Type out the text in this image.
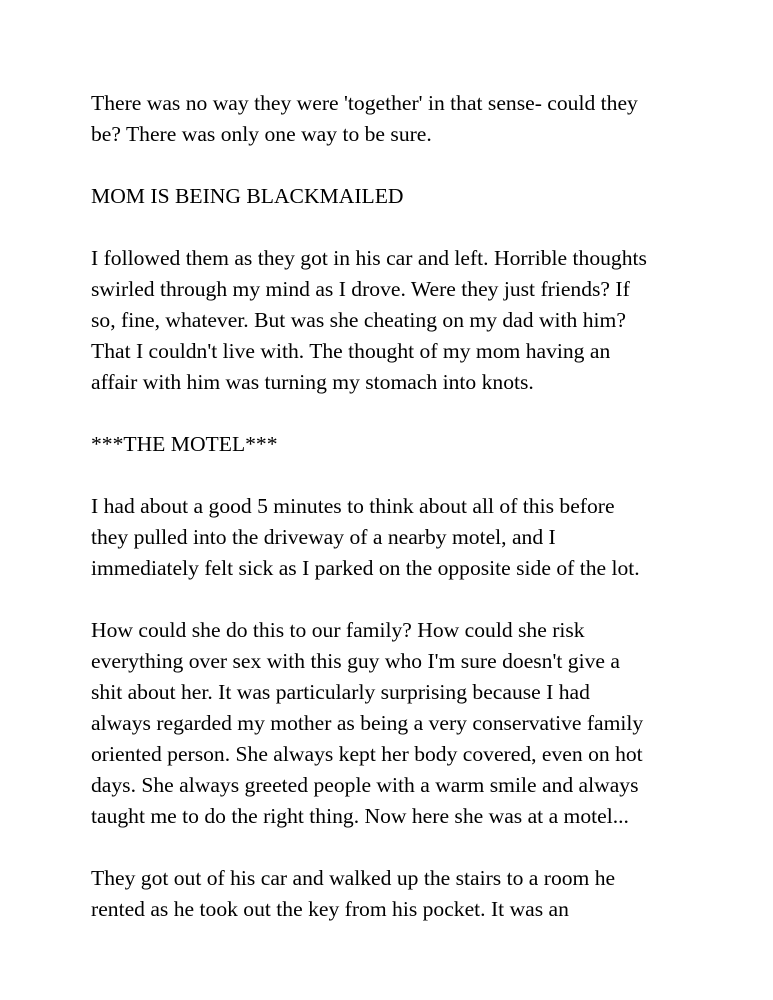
There was no way they were 'together' in that sense- could they
be? There was only one way to be sure.

MOM IS BEING BLACKMAILED

I followed them as they got in his car and left. Horrible thoughts
swirled through my mind as I drove. Were they just friends? If
so, fine, whatever. But was she cheating on my dad with him?
That I couldn't live with. The thought of my mom having an
affair with him was turning my stomach into knots.

***THE MOTEL***

I had about a good 5 minutes to think about all of this before
they pulled into the driveway of a nearby motel, and I
immediately felt sick as I parked on the opposite side of the lot.

How could she do this to our family? How could she risk
everything over sex with this guy who I'm sure doesn't give a
shit about her. It was particularly surprising because I had
always regarded my mother as being a very conservative family
oriented person. She always kept her body covered, even on hot
days. She always greeted people with a warm smile and always
taught me to do the right thing. Now here she was at a motel...

They got out of his car and walked up the stairs to a room he
rented as he took out the key from his pocket. It was an
